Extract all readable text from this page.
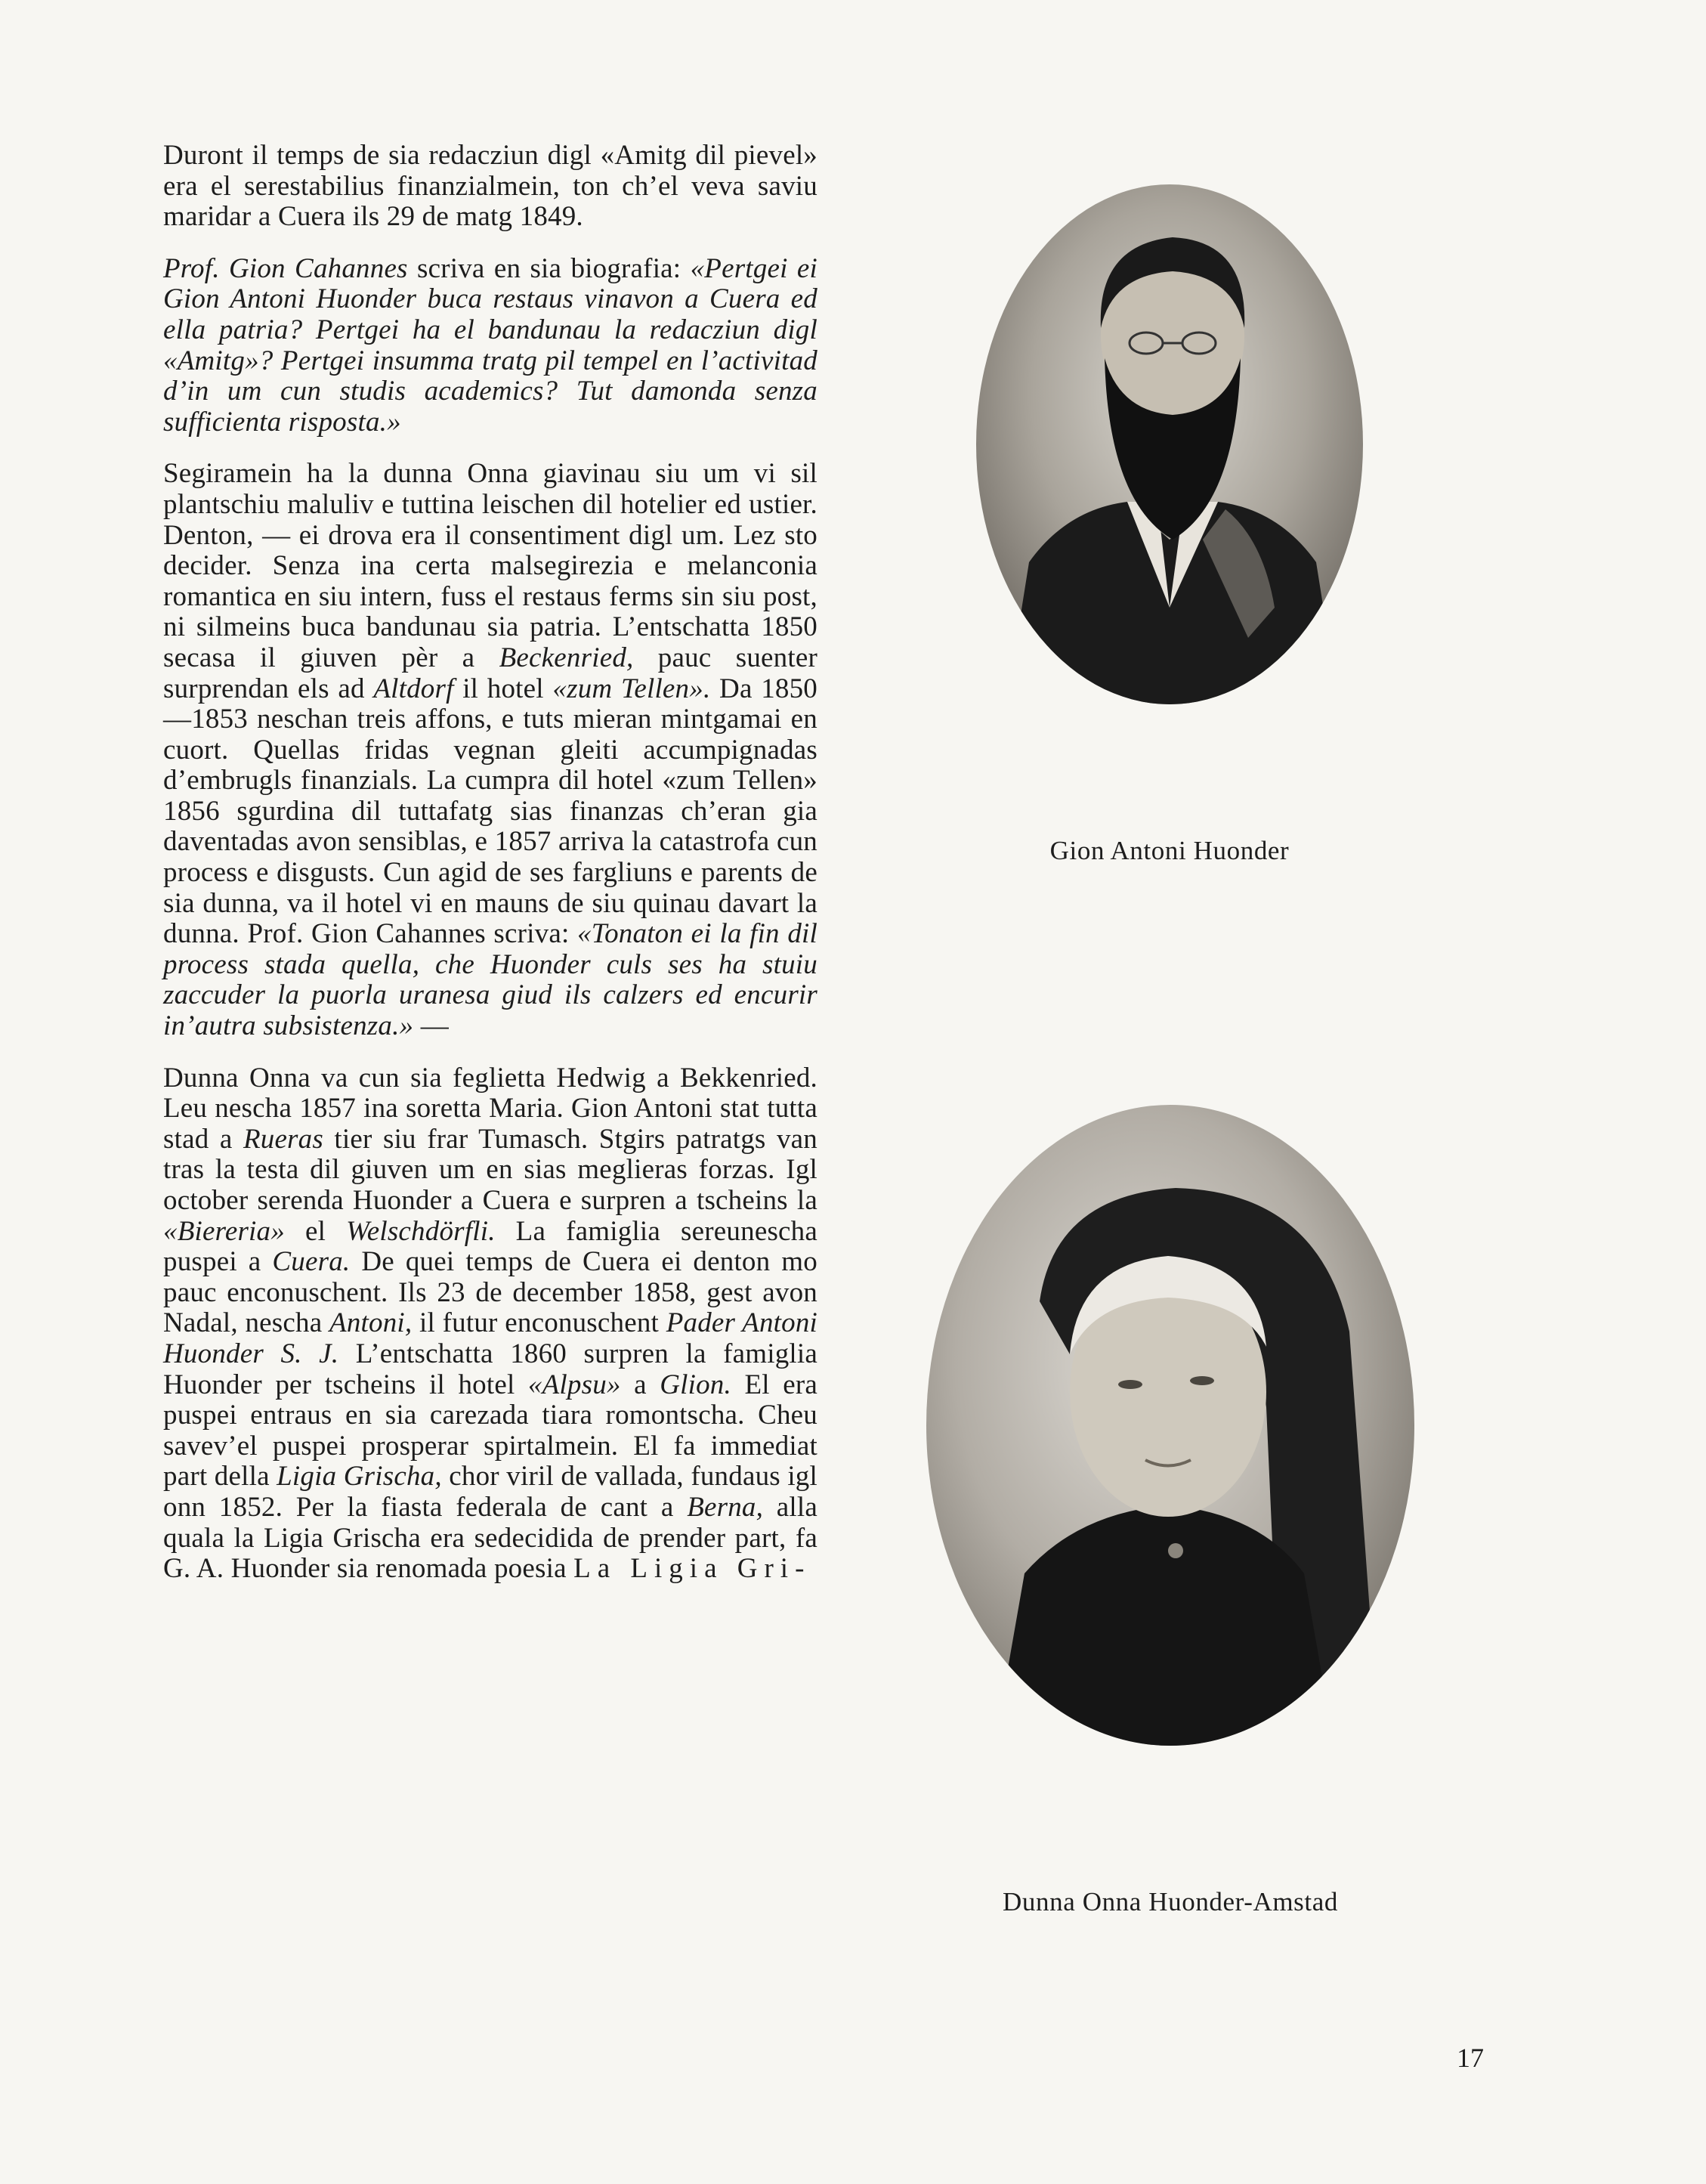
Duront il temps de sia redacziun digl «Amitg dil pievel» era el serestabilius finanzialmein, ton ch’el veva saviu maridar a Cuera ils 29 de matg 1849.

Prof. Gion Cahannes scriva en sia biografia: «Pertgei ei Gion Antoni Huonder buca restaus vinavon a Cuera ed ella patria? Pertgei ha el bandunau la redacziun digl «Amitg»? Pertgei insumma tratg pil tempel en l’activitad d’in um cun studis academics? Tut damonda senza sufficienta risposta.»

Segiramein ha la dunna Onna giavinau siu um vi sil plantschiu maluliv e tuttina leischen dil hotelier ed ustier. Denton, — ei drova era il consentiment digl um. Lez sto decider. Senza ina certa malsegirezia e melanconia romantica en siu intern, fuss el restaus ferms sin siu post, ni silmeins buca bandunau sia patria. L’entschatta 1850 secasa il giuven pèr a Beckenried, pauc suenter surprendan els ad Altdorf il hotel «zum Tellen». Da 1850—1853 neschan treis affons, e tuts mieran mintgamai en cuort. Quellas fridas vegnan gleiti accumpignadas d’embrugls finanzials. La cumpra dil hotel «zum Tellen» 1856 sgurdina dil tuttafatg sias finanzas ch’eran gia daventadas avon sensiblas, e 1857 arriva la catastrofa cun process e disgusts. Cun agid de ses fargliuns e parents de sia dunna, va il hotel vi en mauns de siu quinau davart la dunna. Prof. Gion Cahannes scriva: «Tonaton ei la fin dil process stada quella, che Huonder culs ses ha stuiu zaccuder la puorla uranesa giud ils calzers ed encurir in’autra subsistenza.» —

Dunna Onna va cun sia feglietta Hedwig a Bekkenried. Leu nescha 1857 ina soretta Maria. Gion Antoni stat tutta stad a Rueras tier siu frar Tumasch. Stgirs patratgs van tras la testa dil giuven um en sias meglieras forzas. Igl october serenda Huonder a Cuera e surpren a tscheins la «Biereria» el Welschdörfli. La famiglia sereunescha puspei a Cuera. De quei temps de Cuera ei denton mo pauc enconuschent. Ils 23 de december 1858, gest avon Nadal, nescha Antoni, il futur enconuschent Pader Antoni Huonder S. J. L’entschatta 1860 surpren la famiglia Huonder per tscheins il hotel «Alpsu» a Glion. El era puspei entraus en sia carezada tiara romontscha. Cheu savev’el puspei prosperar spirtalmein. El fa immediat part della Ligia Grischa, chor viril de vallada, fundaus igl onn 1852. Per la fiasta federala de cant a Berna, alla quala la Ligia Grischa era sedecidida de prender part, fa G. A. Huonder sia renomada poesia La Ligia Gri-

Gion Antoni Huonder
Dunna Onna Huonder-Amstad
17
